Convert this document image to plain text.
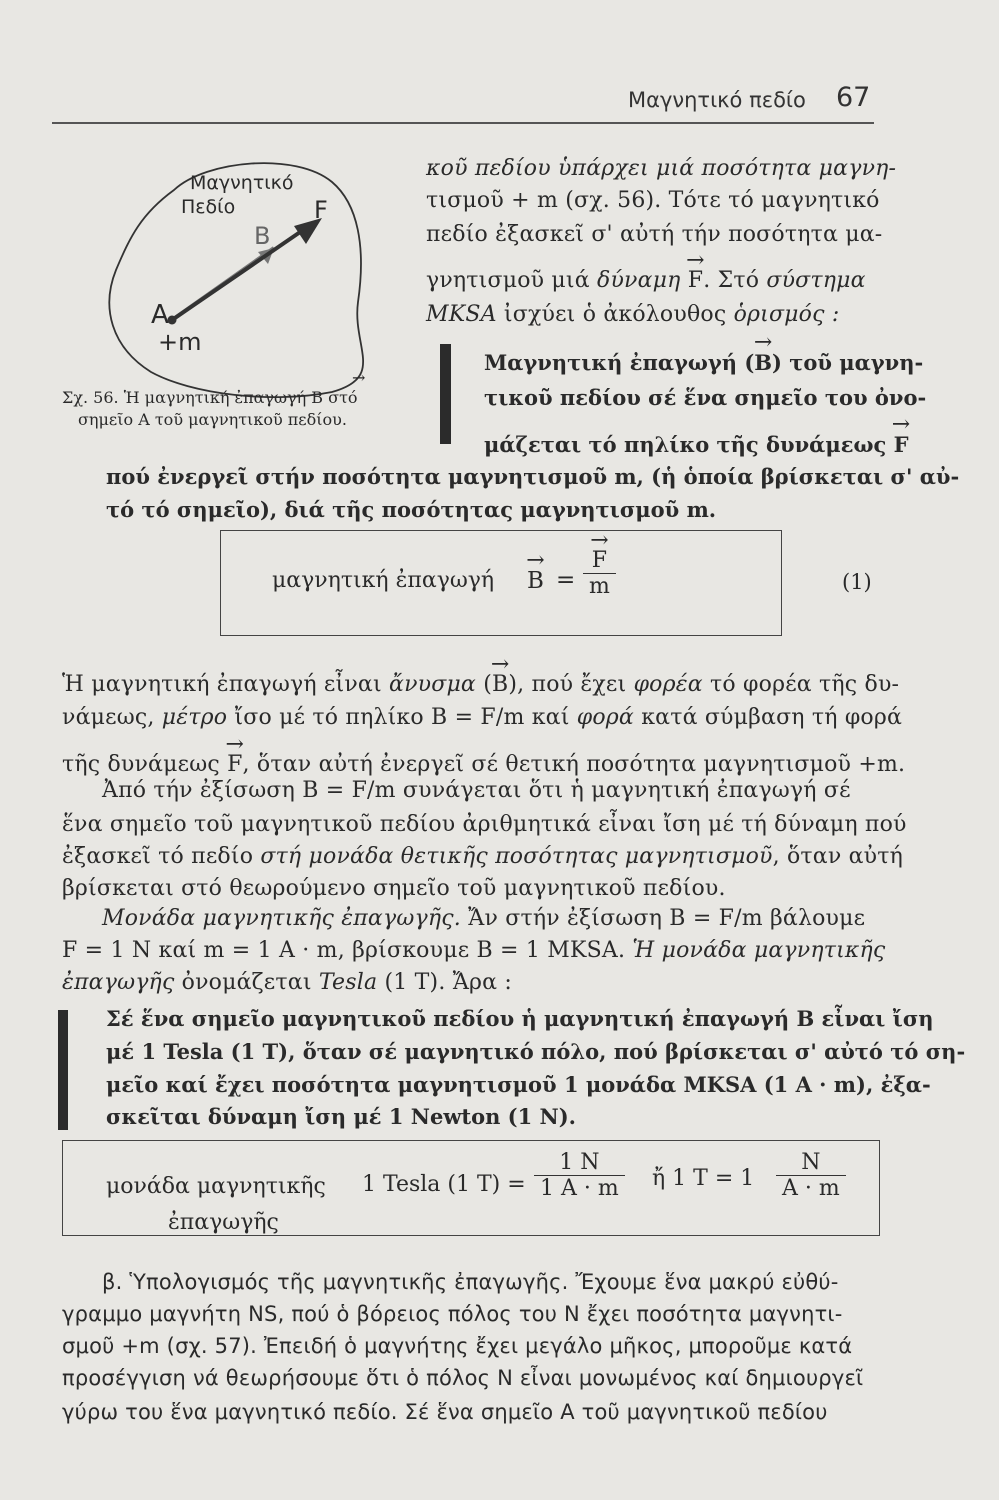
Μαγνητικό πεδίο 67
Μαγνητικό
Πεδίο	F
B
A
+m
→
Σχ. 56. Ἡ μαγνητική ἐπαγωγή B στό
σημεῖο A τοῦ μαγνητικοῦ πεδίου.
κοῦ πεδίου ὑπάρχει μιά ποσότητα μαγνη-
τισμοῦ + m (σχ. 56). Τότε τό μαγνητικό
πεδίο ἐξασκεῖ σ' αὐτή τήν ποσότητα μα-
γνητισμοῦ μιά δύναμη → F. Στό σύστημα
MKSA ἰσχύει ὁ ἀκόλουθος ὁρισμός :
Μαγνητική ἐπαγωγή (→ B) τοῦ μαγνη-
τικοῦ πεδίου σέ ἕνα σημεῖο του ὀνο-
μάζεται τό πηλίκο τῆς δυνάμεως → F
πού ἐνεργεῖ στήν ποσότητα μαγνητισμοῦ m, (ἡ ὁποία βρίσκεται σ' αὐ-
τό τό σημεῖο), διά τῆς ποσότητας μαγνητισμοῦ m.
μαγνητική ἐπαγωγή → B = → $\frac{F}{m}$	(1)
Ἡ μαγνητική ἐπαγωγή εἶναι ἄνυσμα (→ B), πού ἔχει φορέα τό φορέα τῆς δυ-
νάμεως, μέτρο ἴσο μέ τό πηλίκο B = F/m καί φορά κατά σύμβαση τή φορά
τῆς δυνάμεως → F, ὅταν αὐτή ἐνεργεῖ σέ θετική ποσότητα μαγνητισμοῦ +m.
Ἀπό τήν ἐξίσωση B = F/m συνάγεται ὅτι ἡ μαγνητική ἐπαγωγή σέ
ἕνα σημεῖο τοῦ μαγνητικοῦ πεδίου ἀριθμητικά εἶναι ἴση μέ τή δύναμη πού
ἐξασκεῖ τό πεδίο στή μονάδα θετικῆς ποσότητας μαγνητισμοῦ, ὅταν αὐτή
βρίσκεται στό θεωρούμενο σημεῖο τοῦ μαγνητικοῦ πεδίου.
Μονάδα μαγνητικῆς ἐπαγωγῆς. Ἄν στήν ἐξίσωση B = F/m βάλουμε
F = 1 N καί m = 1 A · m, βρίσκουμε B = 1 MKSA. Ἡ μονάδα μαγνητικῆς
ἐπαγωγῆς ὀνομάζεται Tesla (1 T). Ἄρα :
Σέ ἕνα σημεῖο μαγνητικοῦ πεδίου ἡ μαγνητική ἐπαγωγή B εἶναι ἴση
μέ 1 Tesla (1 T), ὅταν σέ μαγνητικό πόλο, πού βρίσκεται σ' αὐτό τό ση-
μεῖο καί ἔχει ποσότητα μαγνητισμοῦ 1 μονάδα MKSA (1 A · m), ἐξα-
σκεῖται δύναμη ἴση μέ 1 Newton (1 N).
μονάδα μαγνητικῆς
ἐπαγωγῆς
1 Tesla (1 $T) = \frac{1 N}{1 A \cdot m}$ ἤ 1 $T = 1 \frac{N}{A \cdot m}$
β. Ὑπολογισμός τῆς μαγνητικῆς ἐπαγωγῆς. Ἔχουμε ἕνα μακρύ εὐθύ-
γραμμο μαγνήτη NS, πού ὁ βόρειος πόλος του N ἔχει ποσότητα μαγνητι-
σμοῦ +m (σχ. 57). Ἐπειδή ὁ μαγνήτης ἔχει μεγάλο μῆκος, μποροῦμε κατά
προσέγγιση νά θεωρήσουμε ὅτι ὁ πόλος N εἶναι μονωμένος καί δημιουργεῖ
γύρω του ἕνα μαγνητικό πεδίο. Σέ ἕνα σημεῖο A τοῦ μαγνητικοῦ πεδίου
